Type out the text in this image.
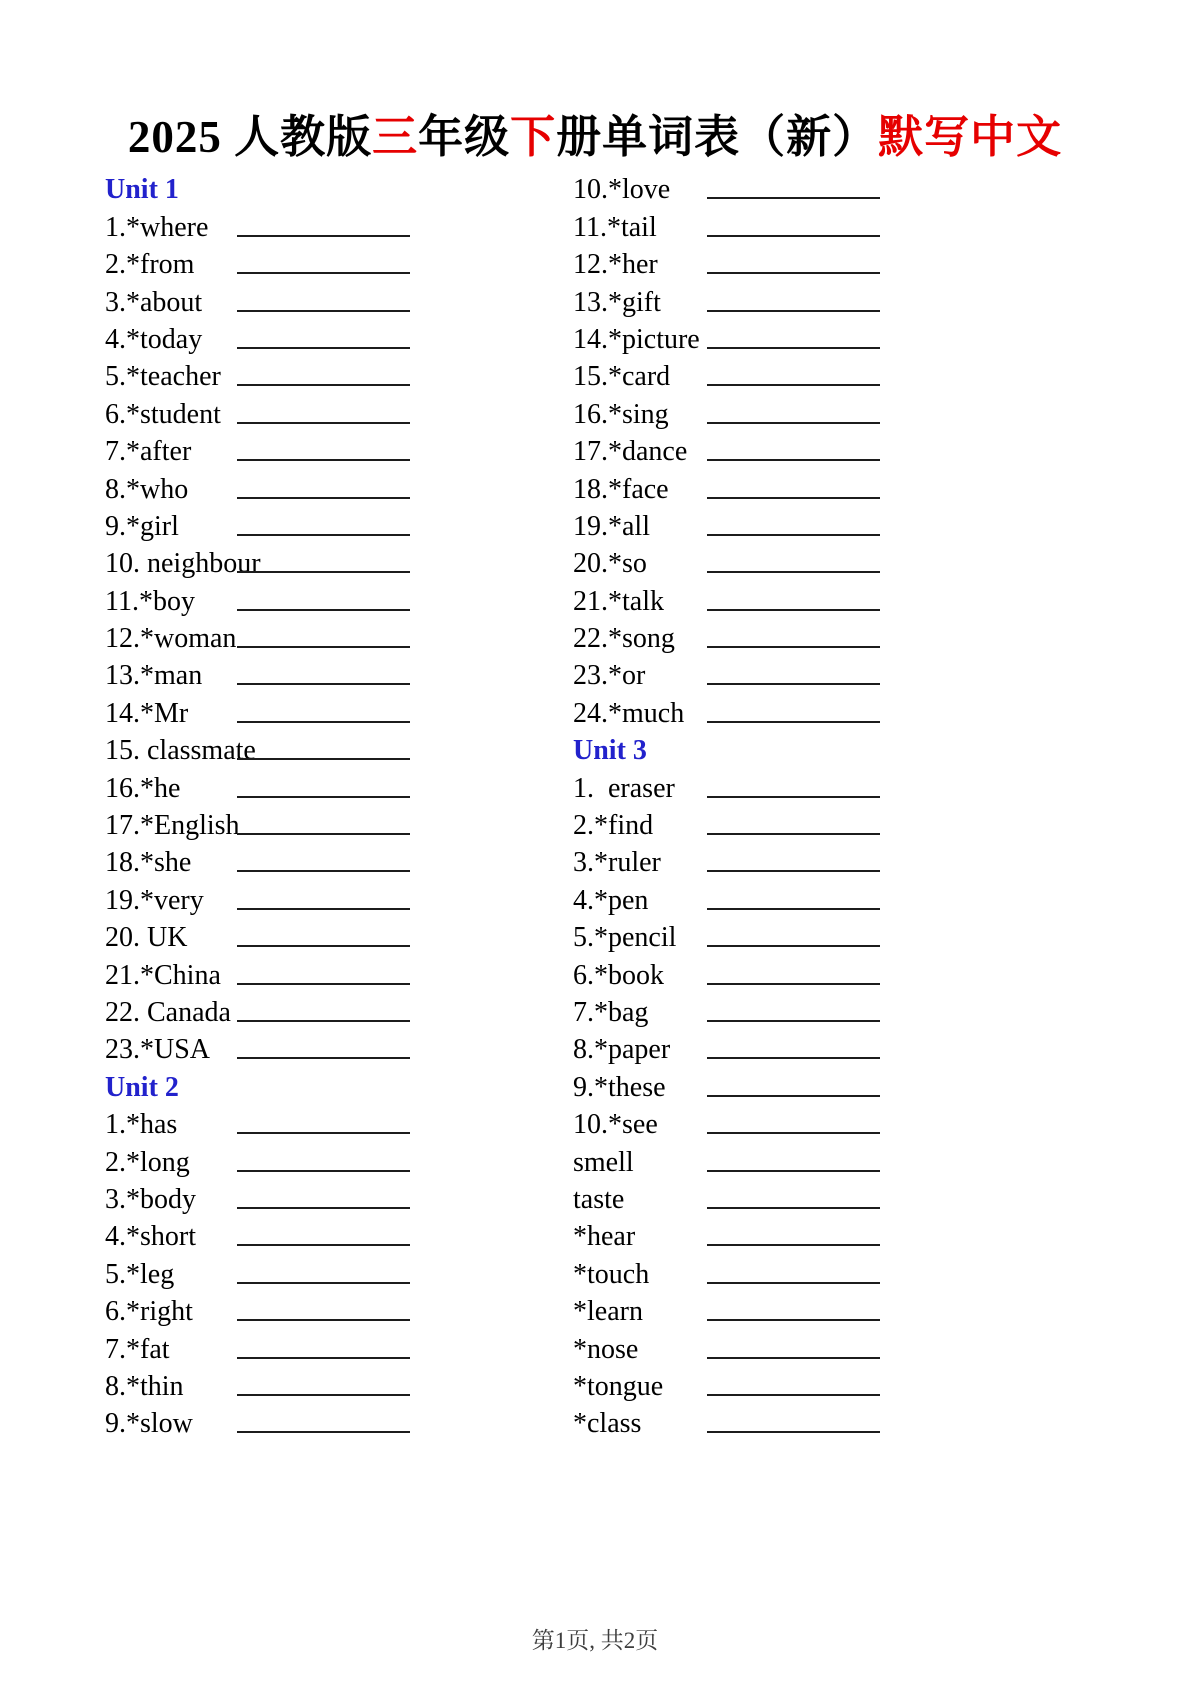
2025 人教版三年级下册单词表（新）默写中文
Unit 1
1.*where
2.*from
3.*about
4.*today
5.*teacher
6.*student
7.*after
8.*who
9.*girl
10. neighbour
11.*boy
12.*woman
13.*man
14.*Mr
15. classmate
16.*he
17.*English
18.*she
19.*very
20. UK
21.*China
22. Canada
23.*USA
Unit 2
1.*has
2.*long
3.*body
4.*short
5.*leg
6.*right
7.*fat
8.*thin
9.*slow
10.*love
11.*tail
12.*her
13.*gift
14.*picture
15.*card
16.*sing
17.*dance
18.*face
19.*all
20.*so
21.*talk
22.*song
23.*or
24.*much
Unit 3
1.  eraser
2.*find
3.*ruler
4.*pen
5.*pencil
6.*book
7.*bag
8.*paper
9.*these
10.*see
smell
taste
*hear
*touch
*learn
*nose
*tongue
*class
第1页, 共2页
